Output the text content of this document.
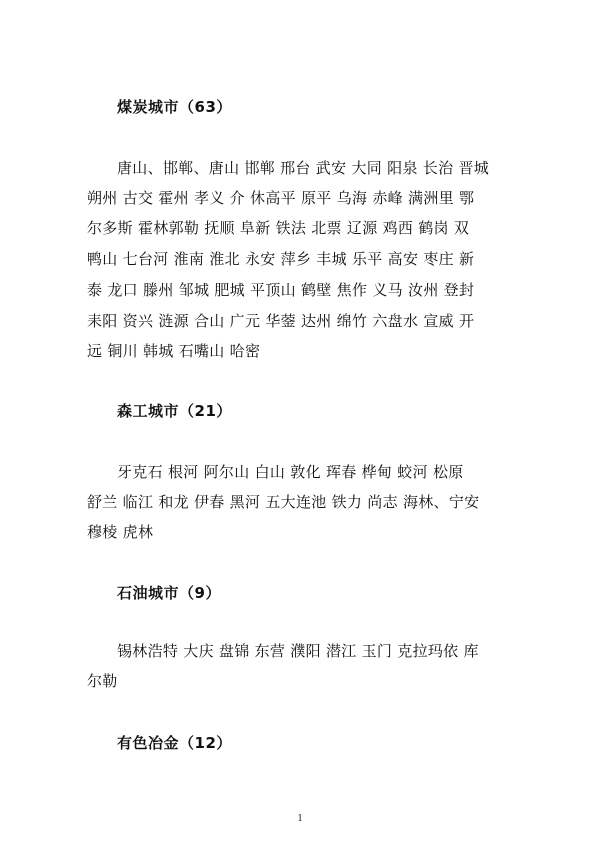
煤炭城市（63）
唐山、邯郸、唐山 邯郸 邢台 武安 大同 阳泉 长治 晋城
朔州 古交 霍州 孝义 介 休高平 原平 乌海 赤峰 满洲里 鄂
尔多斯 霍林郭勒 抚顺 阜新 铁法 北票 辽源 鸡西 鹤岗 双
鸭山 七台河 淮南 淮北 永安 萍乡 丰城 乐平 高安 枣庄 新
泰 龙口 滕州 邹城 肥城 平顶山 鹤壁 焦作 义马 汝州 登封
耒阳 资兴 涟源 合山 广元 华蓥 达州 绵竹 六盘水 宣威 开
远 铜川 韩城 石嘴山 哈密
森工城市（21）
牙克石 根河 阿尔山 白山 敦化 珲春 桦甸 蛟河 松原
舒兰 临江 和龙 伊春 黑河 五大连池 铁力 尚志 海林、宁安
穆棱 虎林
石油城市（9）
锡林浩特 大庆 盘锦 东营 濮阳 潜江 玉门 克拉玛依 库
尔勒
有色冶金（12）
1
